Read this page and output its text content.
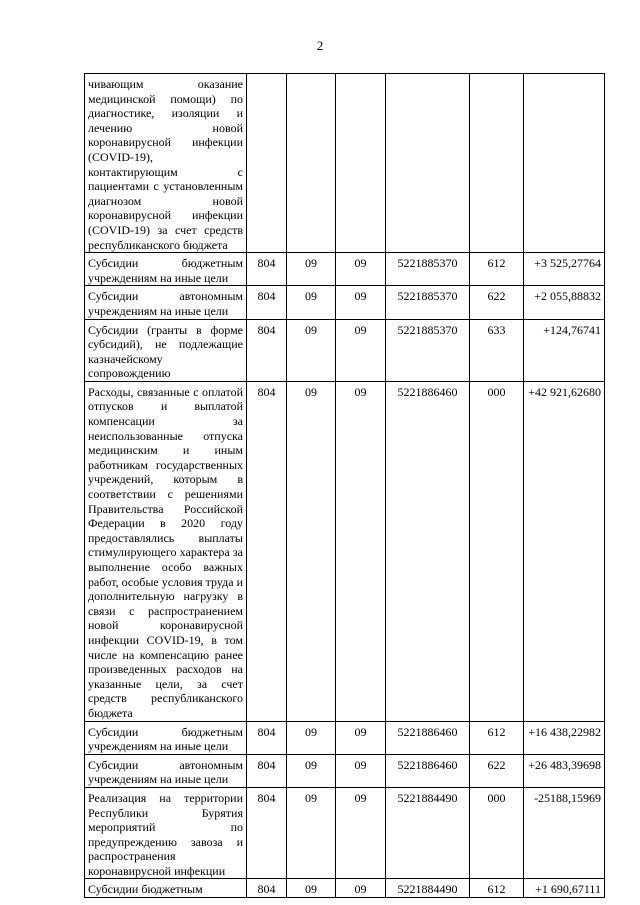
2
чивающим оказание медицинской помощи) по диагностике, изоляции и лечению новой коронавирусной инфекции (COVID-19), контактирующим с пациентами с установленным диагнозом новой коронавирусной инфекции (COVID-19) за счет средств республиканского бюджета						
Субсидии бюджетным учреждениям на иные цели	804	09	09	5221885370	612	+3 525,27764
Субсидии автономным учреждениям на иные цели	804	09	09	5221885370	622	+2 055,88832
Субсидии (гранты в форме субсидий), не подлежащие казначейскому сопровождению	804	09	09	5221885370	633	+124,76741
Расходы, связанные с оплатой отпусков и выплатой компенсации за неиспользованные отпуска медицинским и иным работникам государственных учреждений, которым в соответствии с решениями Правительства Российской Федерации в 2020 году предоставлялись выплаты стимулирующего характера за выполнение особо важных работ, особые условия труда и дополнительную нагрузку в связи с распространением новой коронавирусной инфекции COVID-19, в том числе на компенсацию ранее произведенных расходов на указанные цели, за счет средств республиканского бюджета	804	09	09	5221886460	000	+42 921,62680
Субсидии бюджетным учреждениям на иные цели	804	09	09	5221886460	612	+16 438,22982
Субсидии автономным учреждениям на иные цели	804	09	09	5221886460	622	+26 483,39698
Реализация на территории Республики Бурятия мероприятий по предупреждению завоза и распространения коронавирусной инфекции	804	09	09	5221884490	000	-25188,15969
Субсидии бюджетным	804	09	09	5221884490	612	+1 690,67111
